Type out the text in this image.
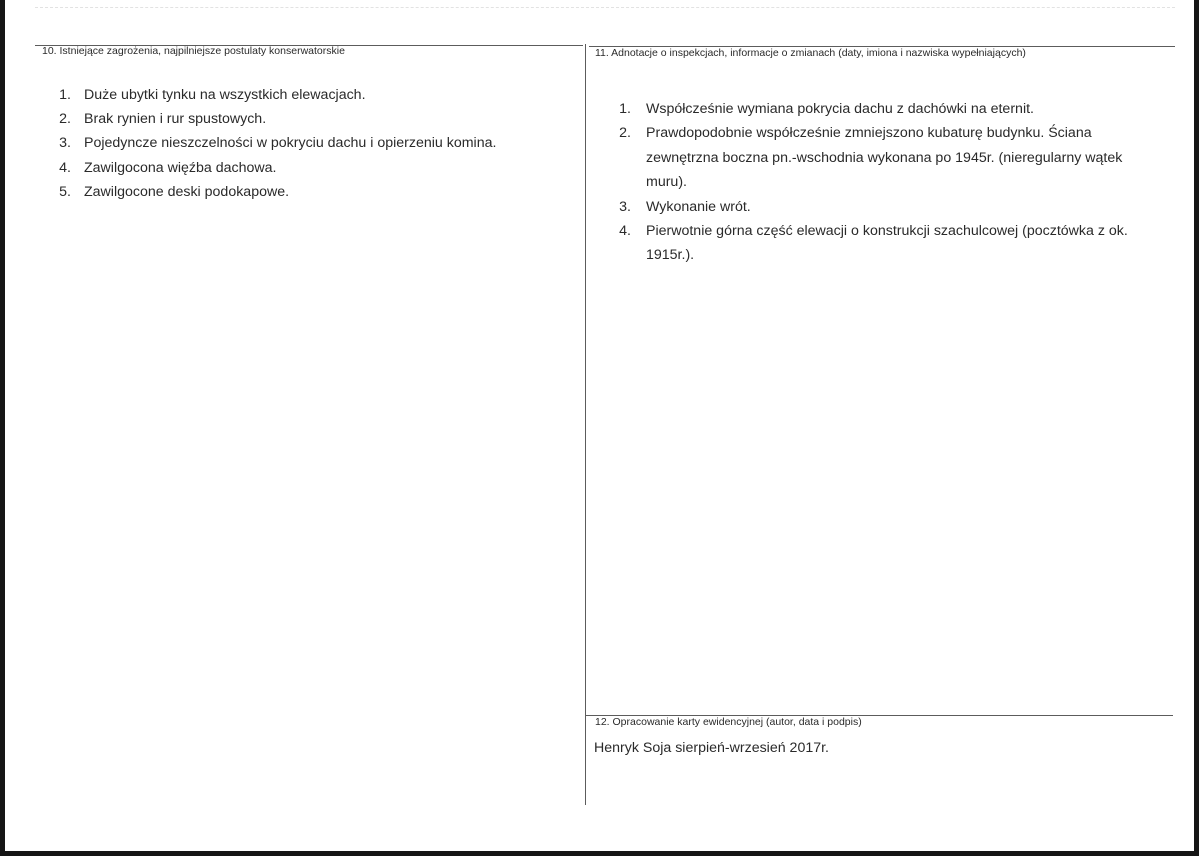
10. Istniejące zagrożenia, najpilniejsze postulaty konserwatorskie
1. Duże ubytki tynku na wszystkich elewacjach.
2. Brak rynien i rur spustowych.
3. Pojedyncze nieszczelności w pokryciu dachu i opierzeniu komina.
4. Zawilgocona więźba dachowa.
5. Zawilgocone deski podokapowe.
11. Adnotacje o inspekcjach, informacje o zmianach (daty, imiona i nazwiska wypełniających)
1.	Współcześnie wymiana pokrycia dachu z dachówki na eternit.
2.	Prawdopodobnie współcześnie zmniejszono kubaturę budynku. Ściana zewnętrzna boczna pn.-wschodnia wykonana po 1945r. (nieregularny wątek muru).
3.	Wykonanie wrót.
4.	Pierwotnie górna część elewacji o konstrukcji szachulcowej (pocztówka z ok. 1915r.).
12. Opracowanie karty ewidencyjnej (autor, data i podpis)
Henryk Soja sierpień-wrzesień 2017r.
